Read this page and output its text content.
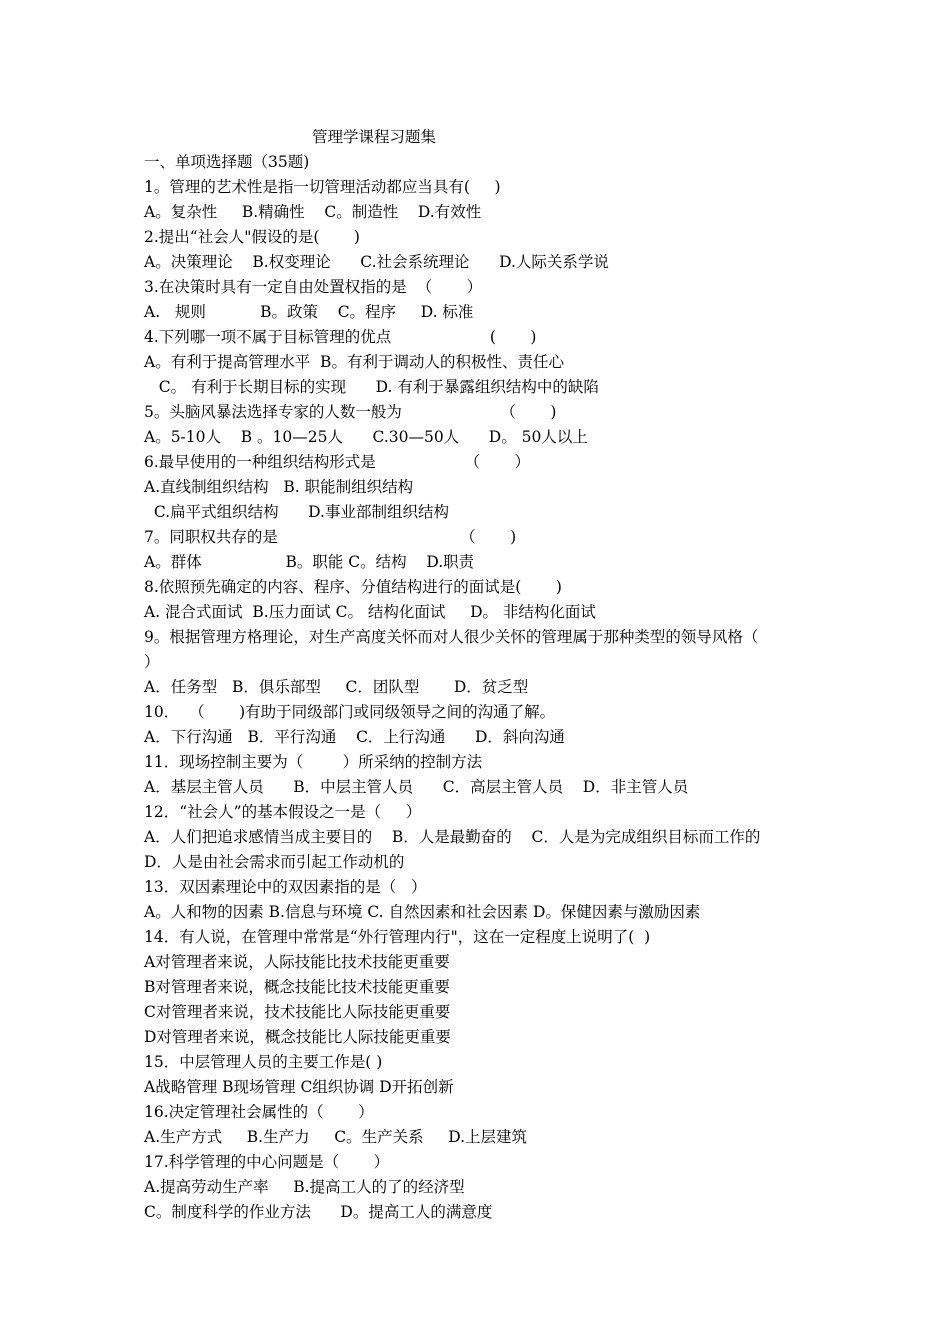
管理学课程习题集
一、单项选择题（35题)
1。管理的艺术性是指一切管理活动都应当具有(     )
A。复杂性     B.精确性    C。制造性    D.有效性
2.提出“社会人"假设的是(       )
A。决策理论    B.权变理论      C.社会系统理论      D.人际关系学说
3.在决策时具有一定自由处置权指的是  （       ）
A.   规则           B。政策    C。程序     D. 标准
4.下列哪一项不属于目标管理的优点                    (       )
A。有利于提高管理水平  B。有利于调动人的积极性、责任心
C。 有利于长期目标的实现      D. 有利于暴露组织结构中的缺陷
5。头脑风暴法选择专家的人数一般为                    （       )
A。5-10人    B 。10—25人      C.30—50人      D。 50人以上
6.最早使用的一种组织结构形式是                  （       ）
A.直线制组织结构   B. 职能制组织结构
C.扁平式组织结构      D.事业部制组织结构
7。同职权共存的是                                     （       )
A。群体                 B。职能 C。结构    D.职责
8.依照预先确定的内容、程序、分值结构进行的面试是(       )
A. 混合式面试  B.压力面试 C。 结构化面试     D。 非结构化面试
9。根据管理方格理论，对生产高度关怀而对人很少关怀的管理属于那种类型的领导风格（
）
A．任务型   B．俱乐部型     C．团队型       D．贫乏型
10．  （       )有助于同级部门或同级领导之间的沟通了解。
A．下行沟通   B．平行沟通    C．上行沟通      D．斜向沟通
11．现场控制主要为（        ）所采纳的控制方法
A．基层主管人员      B．中层主管人员      C．高层主管人员    D．非主管人员
12．“社会人”的基本假设之一是（     ）
A．人们把追求感情当成主要目的    B．人是最勤奋的    C．人是为完成组织目标而工作的
D．人是由社会需求而引起工作动机的
13．双因素理论中的双因素指的是（   ）
A。人和物的因素 B.信息与环境 C. 自然因素和社会因素 D。保健因素与激励因素
14．有人说，在管理中常常是“外行管理内行"，这在一定程度上说明了(  )
A对管理者来说，人际技能比技术技能更重要
B对管理者来说，概念技能比技术技能更重要
C对管理者来说，技术技能比人际技能更重要
D对管理者来说，概念技能比人际技能更重要
15．中层管理人员的主要工作是( )
A战略管理 B现场管理 C组织协调 D开拓创新
16.决定管理社会属性的（       ）
A.生产方式     B.生产力     C。生产关系     D.上层建筑
17.科学管理的中心问题是（       ）
A.提高劳动生产率     B.提高工人的了的经济型
C。制度科学的作业方法      D。提高工人的满意度
